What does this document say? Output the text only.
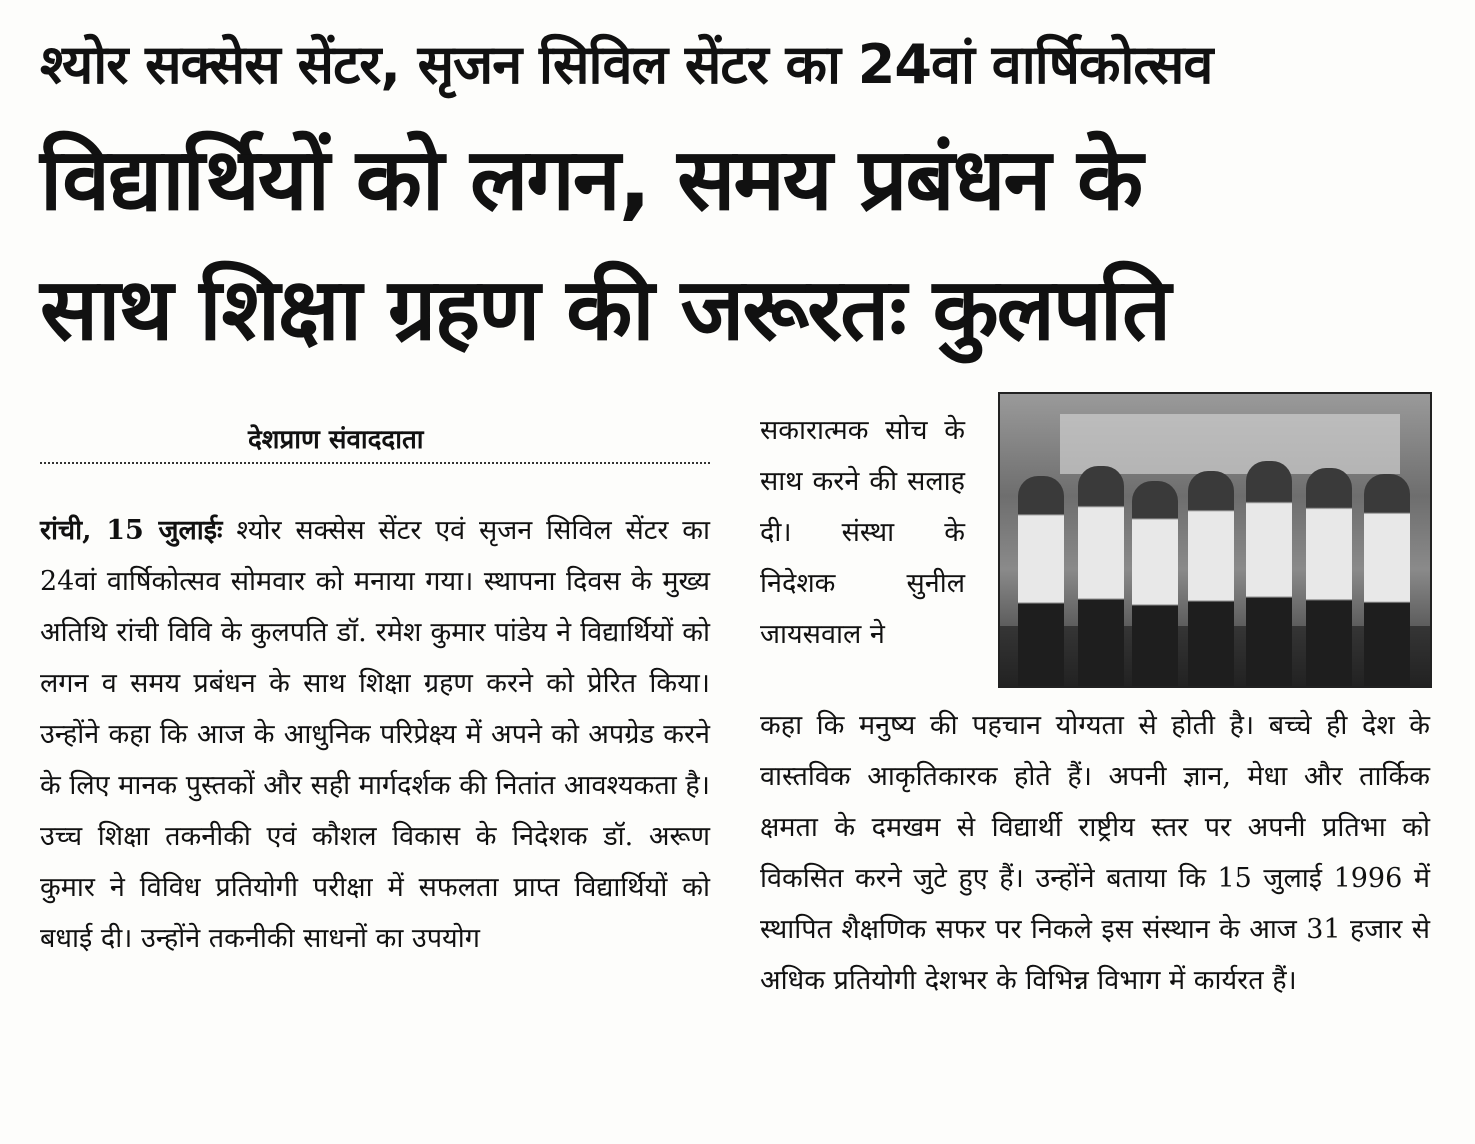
श्योर सक्सेस सेंटर, सृजन सिविल सेंटर का 24वां वार्षिकोत्सव
विद्यार्थियों को लगन, समय प्रबंधन के
साथ शिक्षा ग्रहण की जरूरतः कुलपति
देशप्राण संवाददाता
रांची, 15 जुलाईः श्योर सक्सेस सेंटर एवं सृजन सिविल सेंटर का 24वां वार्षिकोत्सव सोमवार को मनाया गया। स्थापना दिवस के मुख्य अतिथि रांची विवि के कुलपति डॉ. रमेश कुमार पांडेय ने विद्यार्थियों को लगन व समय प्रबंधन के साथ शिक्षा ग्रहण करने को प्रेरित किया। उन्होंने कहा कि आज के आधुनिक परिप्रेक्ष्य में अपने को अपग्रेड करने के लिए मानक पुस्तकों और सही मार्गदर्शक की नितांत आवश्यकता है। उच्च शिक्षा तकनीकी एवं कौशल विकास के निदेशक डॉ. अरूण कुमार ने विविध प्रतियोगी परीक्षा में सफलता प्राप्त विद्यार्थियों को बधाई दी। उन्होंने तकनीकी साधनों का उपयोग
सकारात्मक सोच के साथ करने की सलाह दी। संस्था के निदेशक सुनील जायसवाल ने
कहा कि मनुष्य की पहचान योग्यता से होती है। बच्चे ही देश के वास्तविक आकृतिकारक होते हैं। अपनी ज्ञान, मेधा और तार्किक क्षमता के दमखम से विद्यार्थी राष्ट्रीय स्तर पर अपनी प्रतिभा को विकसित करने जुटे हुए हैं। उन्होंने बताया कि 15 जुलाई 1996 में स्थापित शैक्षणिक सफर पर निकले इस संस्थान के आज 31 हजार से अधिक प्रतियोगी देशभर के विभिन्न विभाग में कार्यरत हैं।
